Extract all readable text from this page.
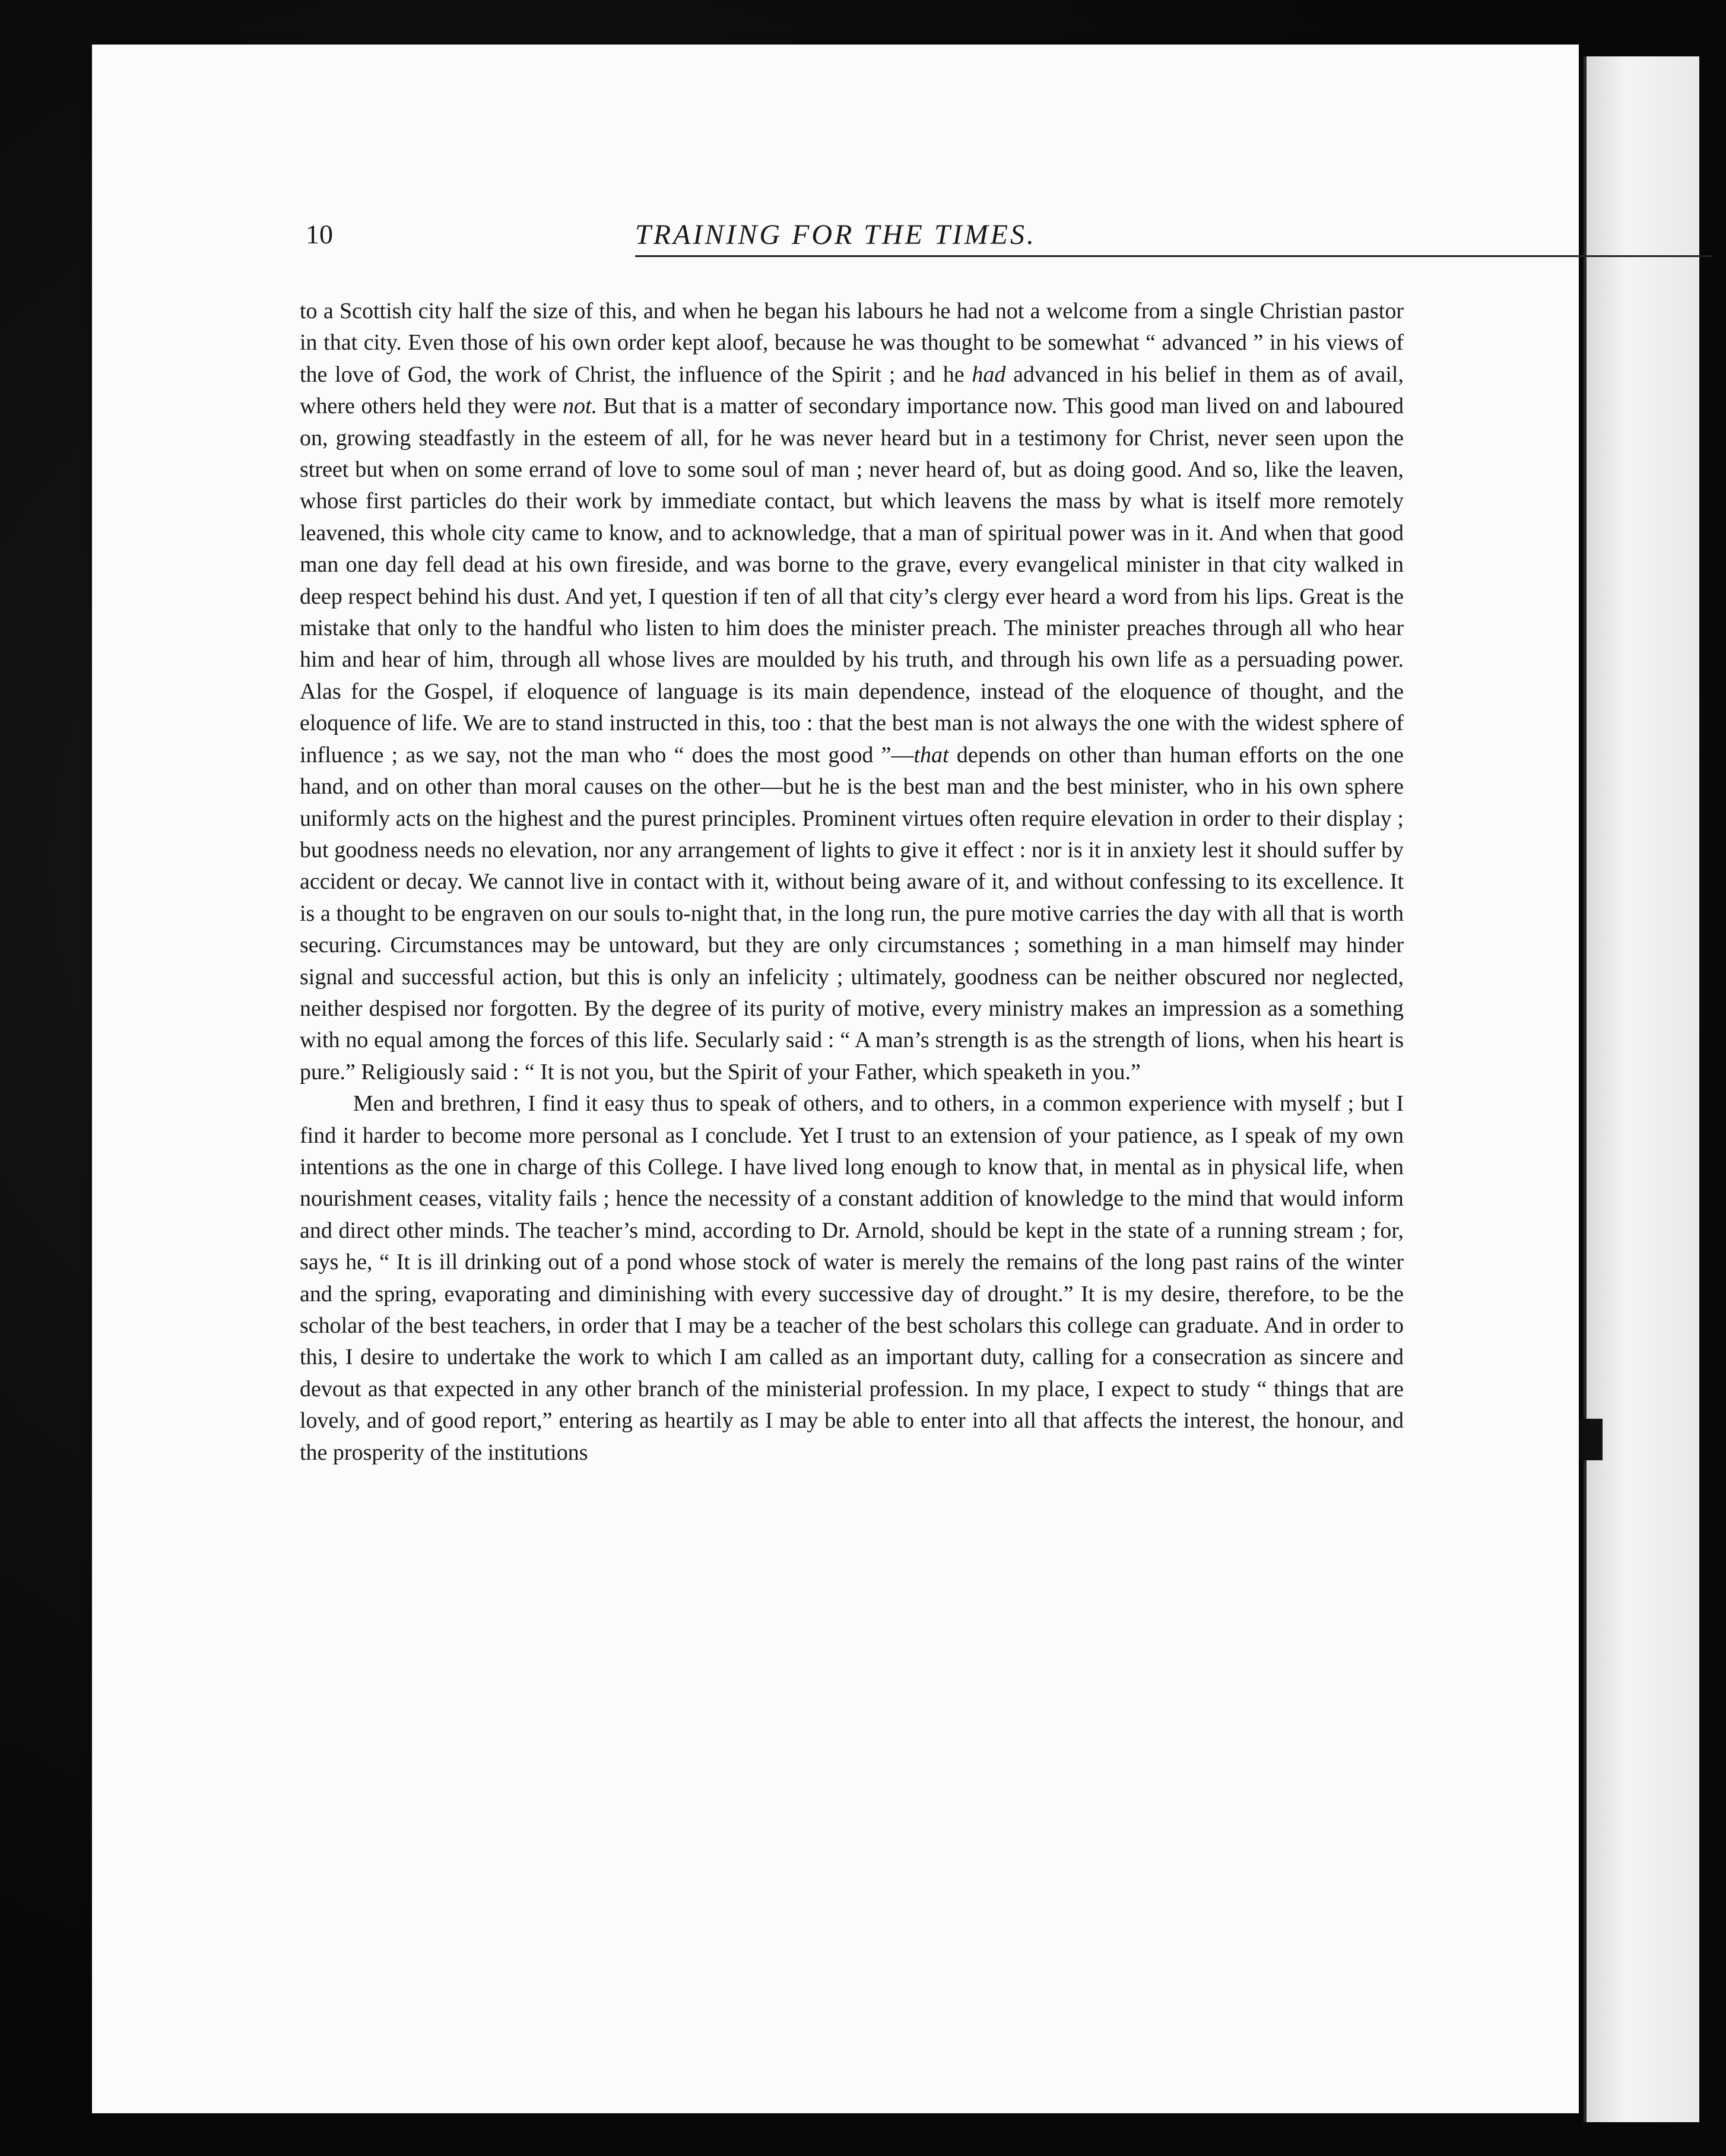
10	TRAINING FOR THE TIMES.

to a Scottish city half the size of this, and when he began his labours he had not a welcome from a single Christian pastor in that city. Even those of his own order kept aloof, because he was thought to be somewhat “ advanced ” in his views of the love of God, the work of Christ, the influence of the Spirit ; and he had advanced in his belief in them as of avail, where others held they were not. But that is a matter of secondary importance now. This good man lived on and laboured on, growing steadfastly in the esteem of all, for he was never heard but in a testimony for Christ, never seen upon the street but when on some errand of love to some soul of man ; never heard of, but as doing good. And so, like the leaven, whose first particles do their work by immediate contact, but which leavens the mass by what is itself more remotely leavened, this whole city came to know, and to acknowledge, that a man of spiritual power was in it. And when that good man one day fell dead at his own fireside, and was borne to the grave, every evangelical minister in that city walked in deep respect behind his dust. And yet, I question if ten of all that city’s clergy ever heard a word from his lips. Great is the mistake that only to the handful who listen to him does the minister preach. The minister preaches through all who hear him and hear of him, through all whose lives are moulded by his truth, and through his own life as a persuading power. Alas for the Gospel, if eloquence of language is its main dependence, instead of the eloquence of thought, and the eloquence of life. We are to stand instructed in this, too : that the best man is not always the one with the widest sphere of influence ; as we say, not the man who “ does the most good ”—that depends on other than human efforts on the one hand, and on other than moral causes on the other—but he is the best man and the best minister, who in his own sphere uniformly acts on the highest and the purest principles. Prominent virtues often require elevation in order to their display ; but goodness needs no elevation, nor any arrangement of lights to give it effect : nor is it in anxiety lest it should suffer by accident or decay. We cannot live in contact with it, without being aware of it, and without confessing to its excellence. It is a thought to be engraven on our souls to-night that, in the long run, the pure motive carries the day with all that is worth securing. Circumstances may be untoward, but they are only circumstances ; something in a man himself may hinder signal and successful action, but this is only an infelicity ; ultimately, goodness can be neither obscured nor neglected, neither despised nor forgotten. By the degree of its purity of motive, every ministry makes an impression as a something with no equal among the forces of this life. Secularly said : “ A man’s strength is as the strength of lions, when his heart is pure.” Religiously said : “ It is not you, but the Spirit of your Father, which speaketh in you.”

Men and brethren, I find it easy thus to speak of others, and to others, in a common experience with myself ; but I find it harder to become more personal as I conclude. Yet I trust to an extension of your patience, as I speak of my own intentions as the one in charge of this College. I have lived long enough to know that, in mental as in physical life, when nourishment ceases, vitality fails ; hence the necessity of a constant addition of knowledge to the mind that would inform and direct other minds. The teacher’s mind, according to Dr. Arnold, should be kept in the state of a running stream ; for, says he, “ It is ill drinking out of a pond whose stock of water is merely the remains of the long past rains of the winter and the spring, evaporating and diminishing with every successive day of drought.” It is my desire, therefore, to be the scholar of the best teachers, in order that I may be a teacher of the best scholars this college can graduate. And in order to this, I desire to undertake the work to which I am called as an important duty, calling for a consecration as sincere and devout as that expected in any other branch of the ministerial profession. In my place, I expect to study “ things that are lovely, and of good report,” entering as heartily as I may be able to enter into all that affects the interest, the honour, and the prosperity of the institutions
